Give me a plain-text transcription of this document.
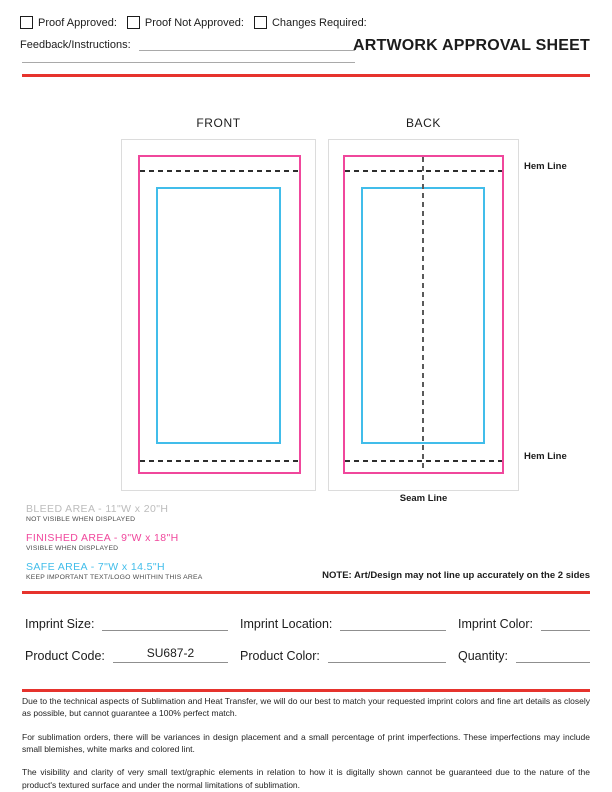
Proof Approved:	Proof Not Approved:	Changes Required:
Feedback/Instructions:	ARTWORK APPROVAL SHEET
FRONT	BACK
Hem Line
Hem Line
Seam Line
BLEED AREA - 11"W x 20"H
NOT VISIBLE WHEN DISPLAYED
FINISHED AREA - 9"W x 18"H
VISIBLE WHEN DISPLAYED
SAFE AREA - 7"W x 14.5"H
KEEP IMPORTANT TEXT/LOGO WHITHIN THIS AREA	NOTE: Art/Design may not line up accurately on the 2 sides
Imprint Size:	Imprint Location:	Imprint Color:
Product Code:	SU687-2	Product Color:	Quantity:

Due to the technical aspects of Sublimation and Heat Transfer, we will do our best to match your requested imprint colors and fine art details as closely as possible, but cannot guarantee a 100% perfect match.

For sublimation orders, there will be variances in design placement and a small percentage of print imperfections. These imperfections may include small blemishes, white marks and colored lint.

The visibility and clarity of very small text/graphic elements in relation to how it is digitally shown cannot be guaranteed due to the nature of the product's textured surface and under the normal limitations of sublimation.
